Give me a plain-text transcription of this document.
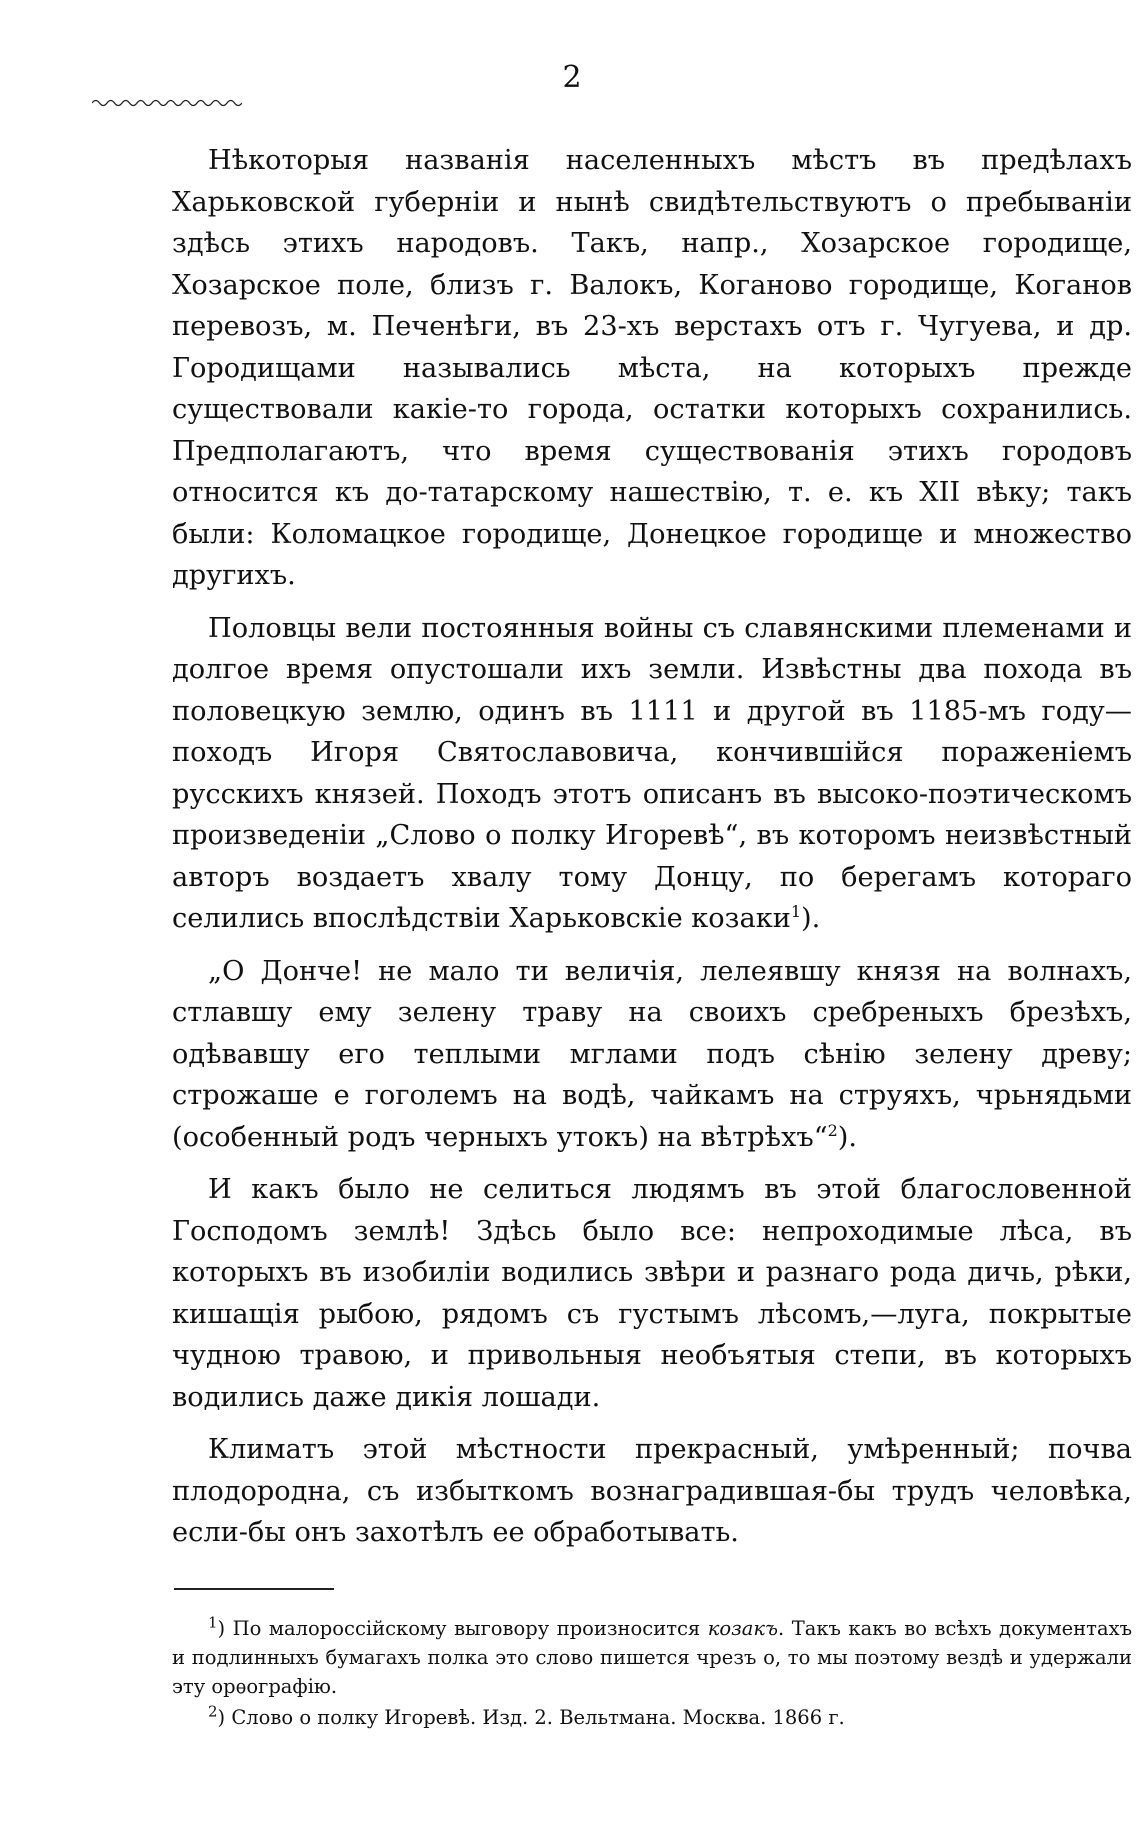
2

Нѣкоторыя названія населенныхъ мѣстъ въ предѣлахъ Харьковской губерніи и нынѣ свидѣтельствуютъ о пребываніи здѣсь этихъ народовъ. Такъ, напр., Хозарское городище, Хозарское поле, близъ г. Валокъ, Коганово городище, Коганов перевозъ, м. Печенѣги, въ 23-хъ верстахъ отъ г. Чугуева, и др. Городищами назывались мѣста, на которыхъ прежде существовали какіе-то города, остатки которыхъ сохранились. Предполагаютъ, что время существованія этихъ городовъ относится къ до-татарскому нашествію, т. е. къ XII вѣку; такъ были: Коломацкое городище, Донецкое городище и множество другихъ.

Половцы вели постоянныя войны съ славянскими племенами и долгое время опустошали ихъ земли. Извѣстны два похода въ половецкую землю, одинъ въ 1111 и другой въ 1185-мъ году—походъ Игоря Святославовича, кончившійся пораженіемъ русскихъ князей. Походъ этотъ описанъ въ высоко-поэтическомъ произведеніи „Слово о полку Игоревѣ“, въ которомъ неизвѣстный авторъ воздаетъ хвалу тому Донцу, по берегамъ котораго селились впослѣдствіи Харьковскіе козаки$^1$).

„О Донче! не мало ти величія, лелеявшу князя на волнахъ, стлавшу ему зелену траву на своихъ сребреныхъ брезѣхъ, одѣвавшу его теплыми мглами подъ сѣнію зелену древу; строжаше е гоголемъ на водѣ, чайкамъ на струяхъ, чрьнядьми (особенный родъ черныхъ утокъ) на вѣтрѣхъ“$^2$).

И какъ было не селиться людямъ въ этой благословенной Господомъ землѣ! Здѣсь было все: непроходимые лѣса, въ которыхъ въ изобиліи водились звѣри и разнаго рода дичь, рѣки, кишащія рыбою, рядомъ съ густымъ лѣсомъ,—луга, покрытые чудною травою, и привольныя необъятыя степи, въ которыхъ водились даже дикія лошади.

Климатъ этой мѣстности прекрасный, умѣренный; почва плодородна, съ избыткомъ вознаградившая-бы трудъ человѣка, если-бы онъ захотѣлъ ее обработывать.

$^1$) По малороссійскому выговору произносится козакъ. Такъ какъ во всѣхъ документахъ и подлинныхъ бумагахъ полка это слово пишется чрезъ о, то мы поэтому вездѣ и удержали эту орѳографію.

$^2$) Слово о полку Игоревѣ. Изд. 2. Вельтмана. Москва. 1866 г.
